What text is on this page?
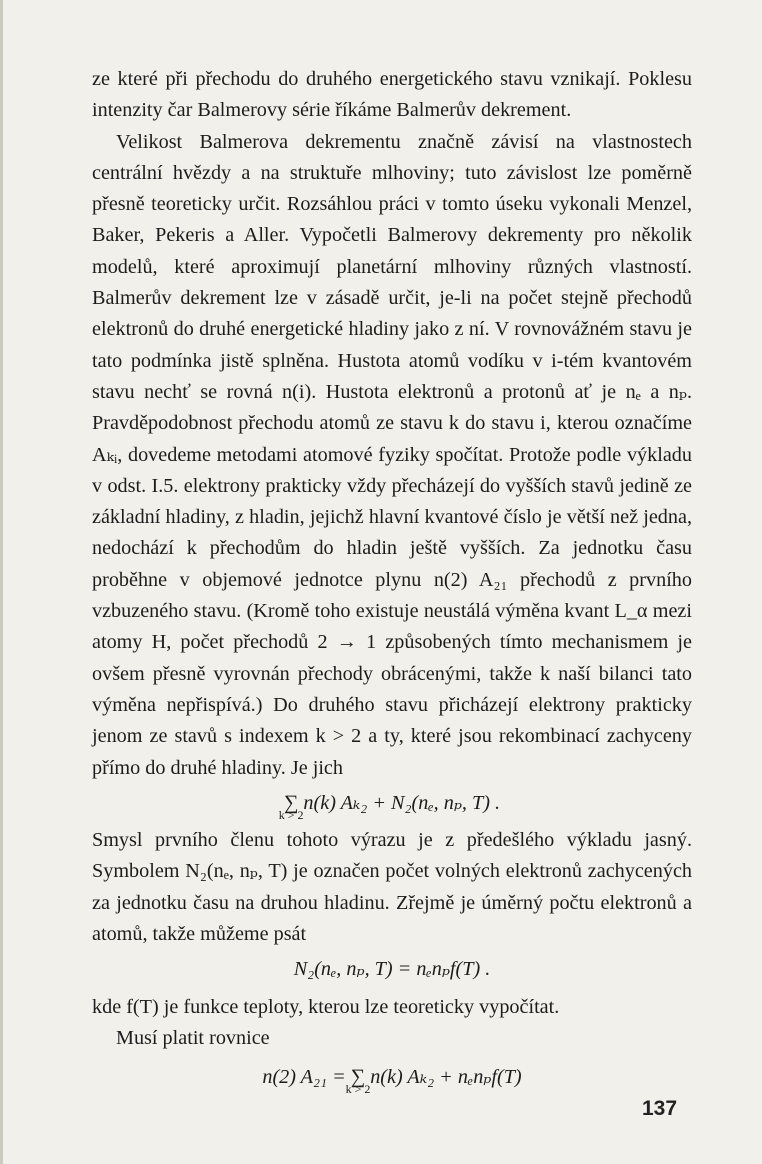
ze které při přechodu do druhého energetického stavu vznikají. Poklesu intenzity čar Balmerovy série říkáme Balmerův dekrement.

Velikost Balmerova dekrementu značně závisí na vlastnostech centrální hvězdy a na struktuře mlhoviny; tuto závislost lze poměrně přesně teoreticky určit. Rozsáhlou práci v tomto úseku vykonali Menzel, Baker, Pekeris a Aller. Vypočetli Balmerovy dekrementy pro několik modelů, které aproximují planetární mlhoviny různých vlastností. Balmerův dekrement lze v zásadě určit, je-li na počet stejně přechodů elektronů do druhé energetické hladiny jako z ní. V rovnovážném stavu je tato podmínka jistě splněna. Hustota atomů vodíku v i-tém kvantovém stavu nechť se rovná n(i). Hustota elektronů a protonů ať je nₑ a nₚ. Pravděpodobnost přechodu atomů ze stavu k do stavu i, kterou označíme Aₖᵢ, dovedeme metodami atomové fyziky spočítat. Protože podle výkladu v odst. I.5. elektrony prakticky vždy přecházejí do vyšších stavů jedině ze základní hladiny, z hladin, jejichž hlavní kvantové číslo je větší než jedna, nedochází k přechodům do hladin ještě vyšších. Za jednotku času proběhne v objemové jednotce plynu n(2) A₂₁ přechodů z prvního vzbuzeného stavu. (Kromě toho existuje neustálá výměna kvant L_α mezi atomy H, počet přechodů 2 → 1 způsobených tímto mechanismem je ovšem přesně vyrovnán přechody obrácenými, takže k naší bilanci tato výměna nepřispívá.) Do druhého stavu přicházejí elektrony prakticky jenom ze stavů s indexem k > 2 a ty, které jsou rekombinací zachyceny přímo do druhé hladiny. Je jich

∑
k > 2
n(k) Aₖ₂ + N₂(nₑ, nₚ, T) .

Smysl prvního členu tohoto výrazu je z předešlého výkladu jasný. Symbolem N₂(nₑ, nₚ, T) je označen počet volných elektronů zachycených za jednotku času na druhou hladinu. Zřejmě je úměrný počtu elektronů a atomů, takže můžeme psát

N₂(nₑ, nₚ, T) = nₑnₚf(T) .

kde f(T) je funkce teploty, kterou lze teoreticky vypočítat.

Musí platit rovnice

n(2) A₂₁ = ∑
k > 2
n(k) Aₖ₂ + nₑnₚf(T)
137
